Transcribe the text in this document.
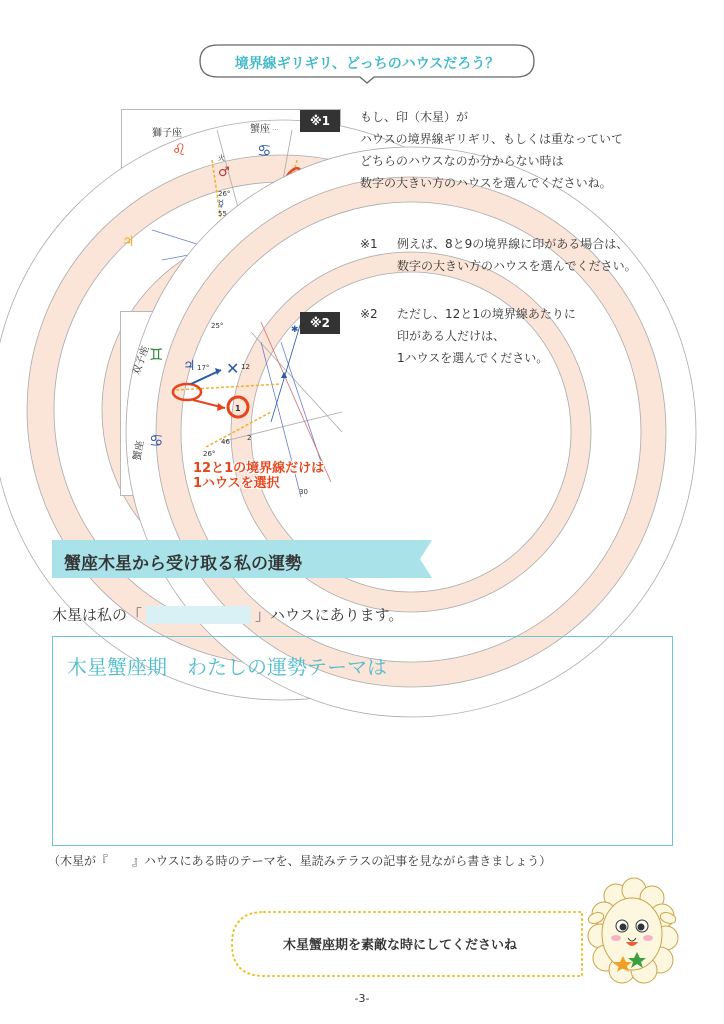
境界線ギリギリ、どっちのハウスだろう？
獅子座	蟹座
♌	♋
火
♂
26°
☿
55
♃
...	※1
双子座
蟹座
♊
♋
25°
♃ 17° ✕ 12
46
26°
2
30
1
▲
✱ ※2
12と1の境界線だけは
1ハウスを選択
もし、印（木星）が
ハウスの境界線ギリギリ、もしくは重なっていて
どちらのハウスなのか分からない時は
数字の大きい方のハウスを選んでくださいね。
※1 例えば、8と9の境界線に印がある場合は、
数字の大きい方のハウスを選んでください。
※2 ただし、12と1の境界線あたりに
印がある人だけは、
1ハウスを選んでください。
蟹座木星から受け取る私の運勢
木星は私の「	」ハウスにあります。
木星蟹座期　わたしの運勢テーマは
（木星が『　　』ハウスにある時のテーマを、星読みテラスの記事を見ながら書きましょう）
木星蟹座期を素敵な時にしてくださいね
-3-
